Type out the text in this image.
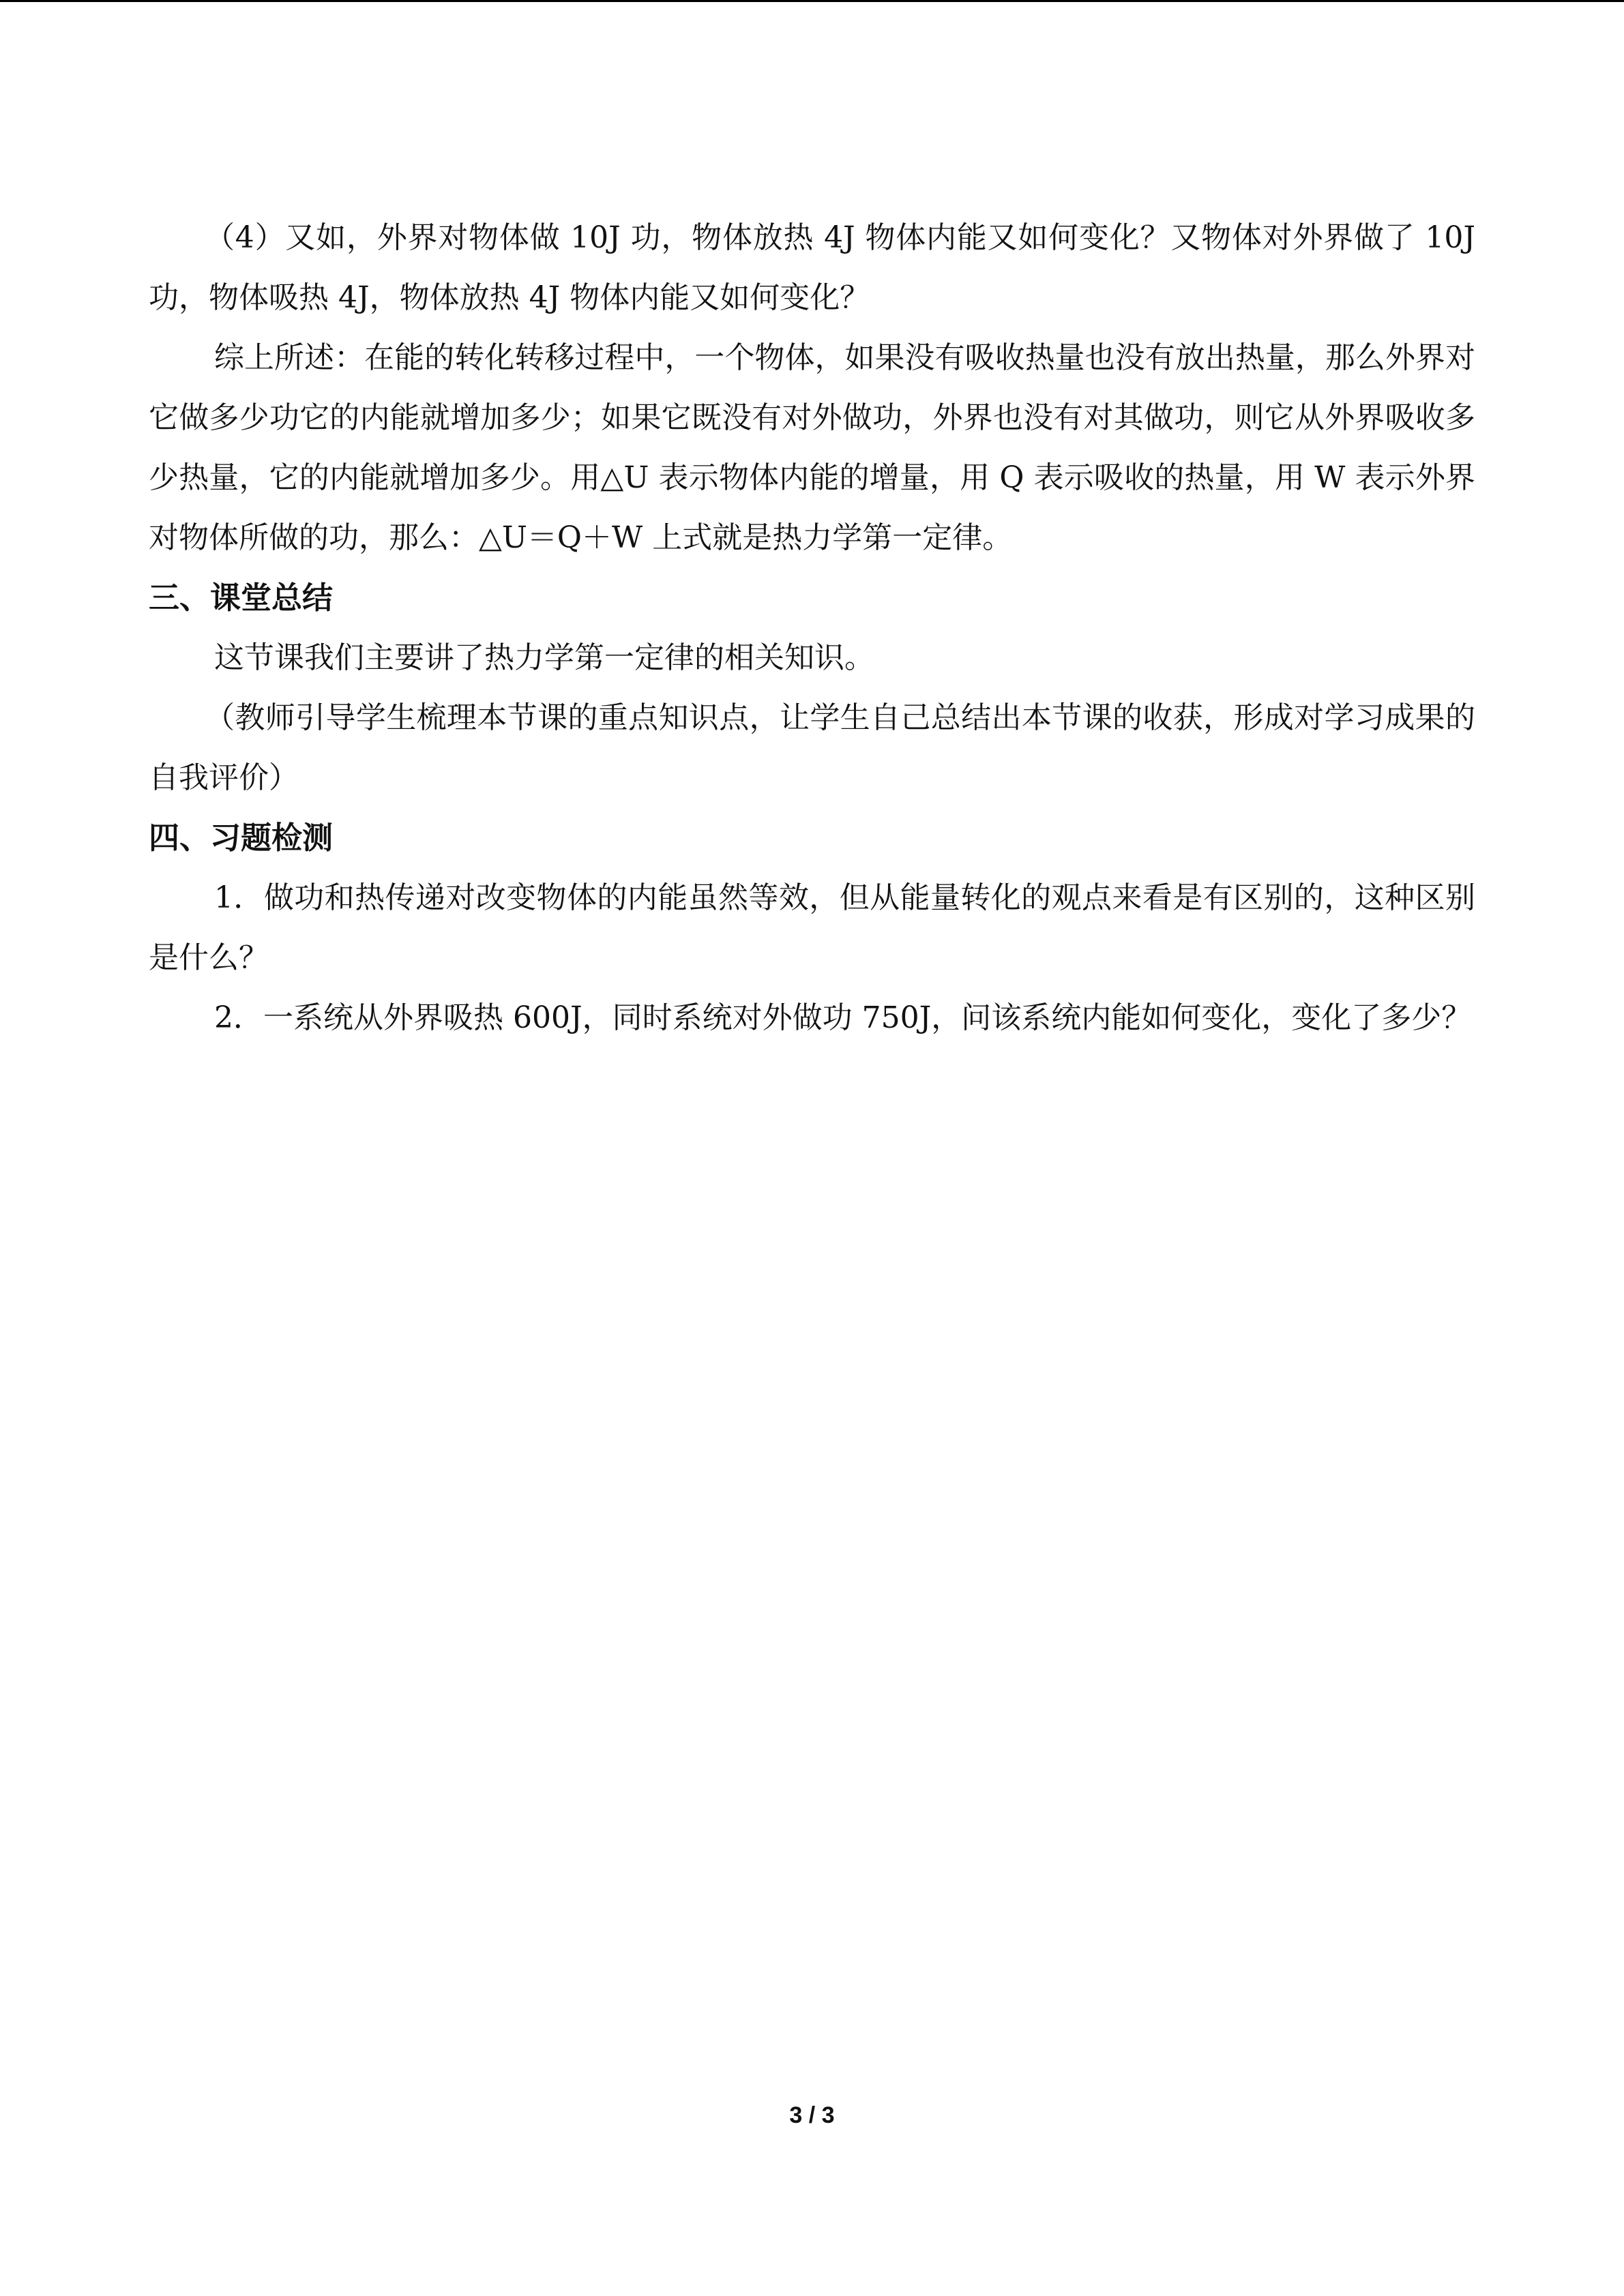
（4）又如，外界对物体做 10J 功，物体放热 4J 物体内能又如何变化？又物体对外界做了 10J 功，物体吸热 4J，物体放热 4J 物体内能又如何变化？

综上所述：在能的转化转移过程中，一个物体，如果没有吸收热量也没有放出热量，那么外界对它做多少功它的内能就增加多少；如果它既没有对外做功，外界也没有对其做功，则它从外界吸收多少热量，它的内能就增加多少。用△U 表示物体内能的增量，用 Q 表示吸收的热量，用 W 表示外界对物体所做的功，那么：△U＝Q＋W 上式就是热力学第一定律。

三、课堂总结

这节课我们主要讲了热力学第一定律的相关知识。

（教师引导学生梳理本节课的重点知识点，让学生自己总结出本节课的收获，形成对学习成果的自我评价）

四、习题检测

1．做功和热传递对改变物体的内能虽然等效，但从能量转化的观点来看是有区别的，这种区别是什么？

2．一系统从外界吸热 600J，同时系统对外做功 750J，问该系统内能如何变化，变化了多少？

3 / 3
